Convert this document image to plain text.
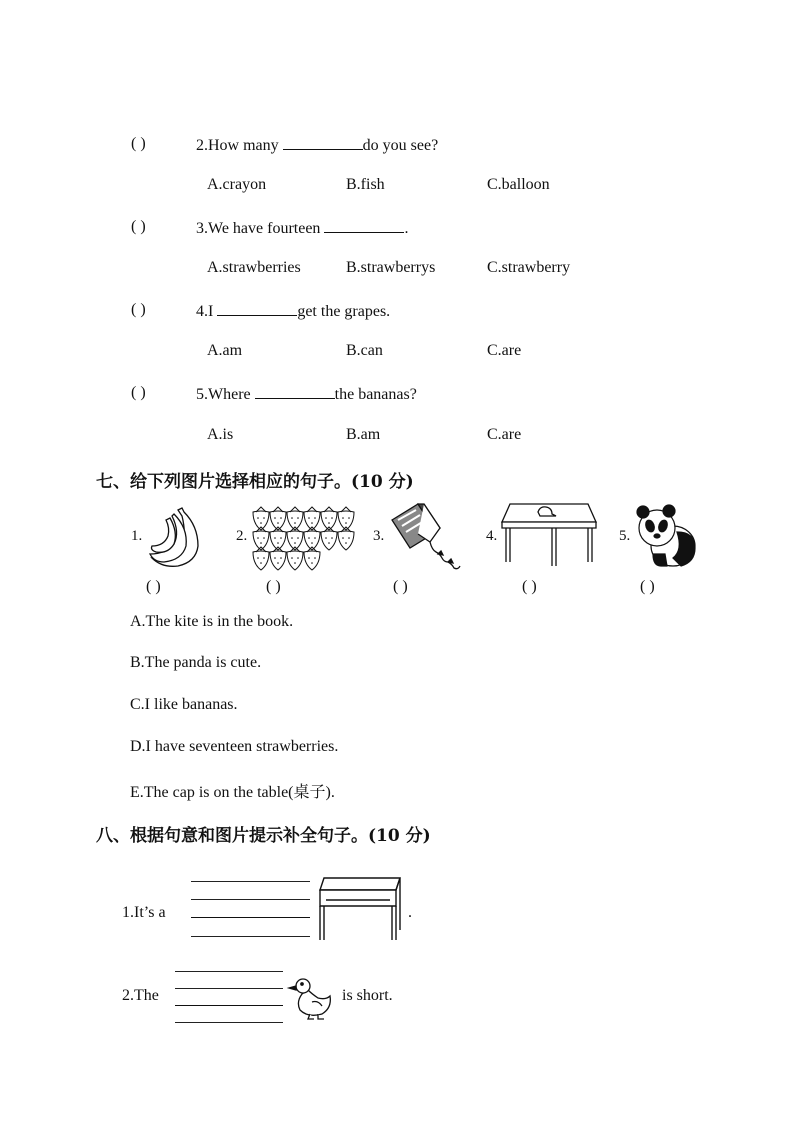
( )	2.How many	do you see?
A.crayon	B.fish	C.balloon
( )	3.We have fourteen	.
A.strawberries	B.strawberrys	C.strawberry
( )	4.I	get the grapes.
A.am	B.can	C.are
( )	5.Where	the bananas?
A.is	B.am	C.are
七、给下列图片选择相应的句子。(10 分)
1.
( )
2.
( )
3.
( )
4.
( )
5.
( )
A.The kite is in the book.
B.The panda is cute.
C.I like bananas.
D.I have seventeen strawberries.
E.The cap is on the table(桌子).
八、根据句意和图片提示补全句子。(10 分)
1.It’s a	.
2.The	is short.
